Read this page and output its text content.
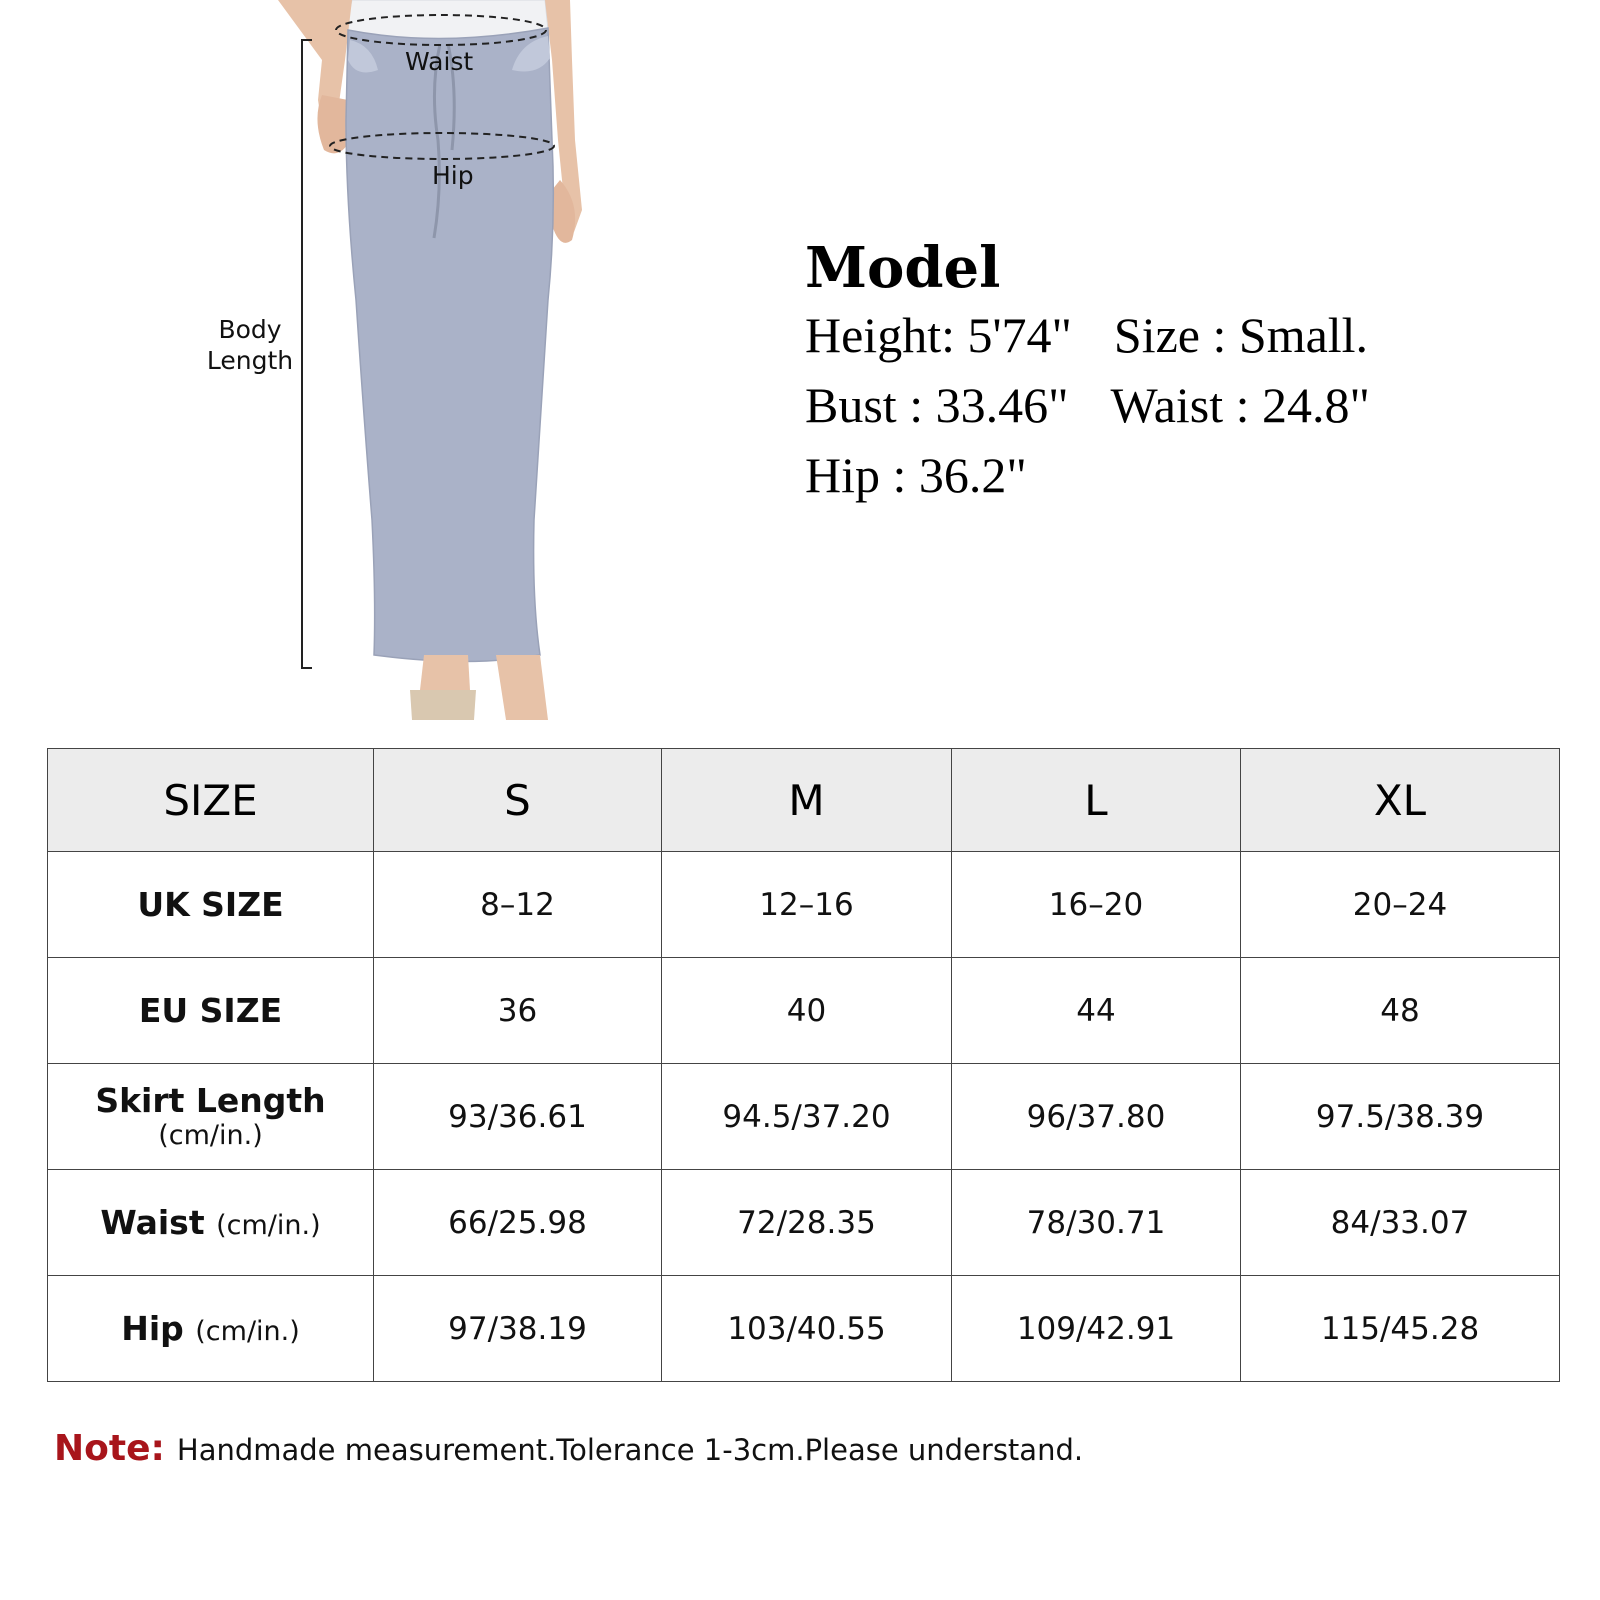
Waist
Hip
Body
Length
Model
Height: 5'74" Size : Small.
Bust : 33.46" Waist : 24.8"
Hip : 36.2"
SIZE	S	M	L	XL
UK SIZE	8–12	12–16	16–20	20–24
EU SIZE	36	40	44	48
Skirt Length
(cm/in.)	93/36.61	94.5/37.20	96/37.80	97.5/38.39
Waist (cm/in.)	66/25.98	72/28.35	78/30.71	84/33.07
Hip (cm/in.)	97/38.19	103/40.55	109/42.91	115/45.28
Note: Handmade measurement.Tolerance 1-3cm.Please understand.
